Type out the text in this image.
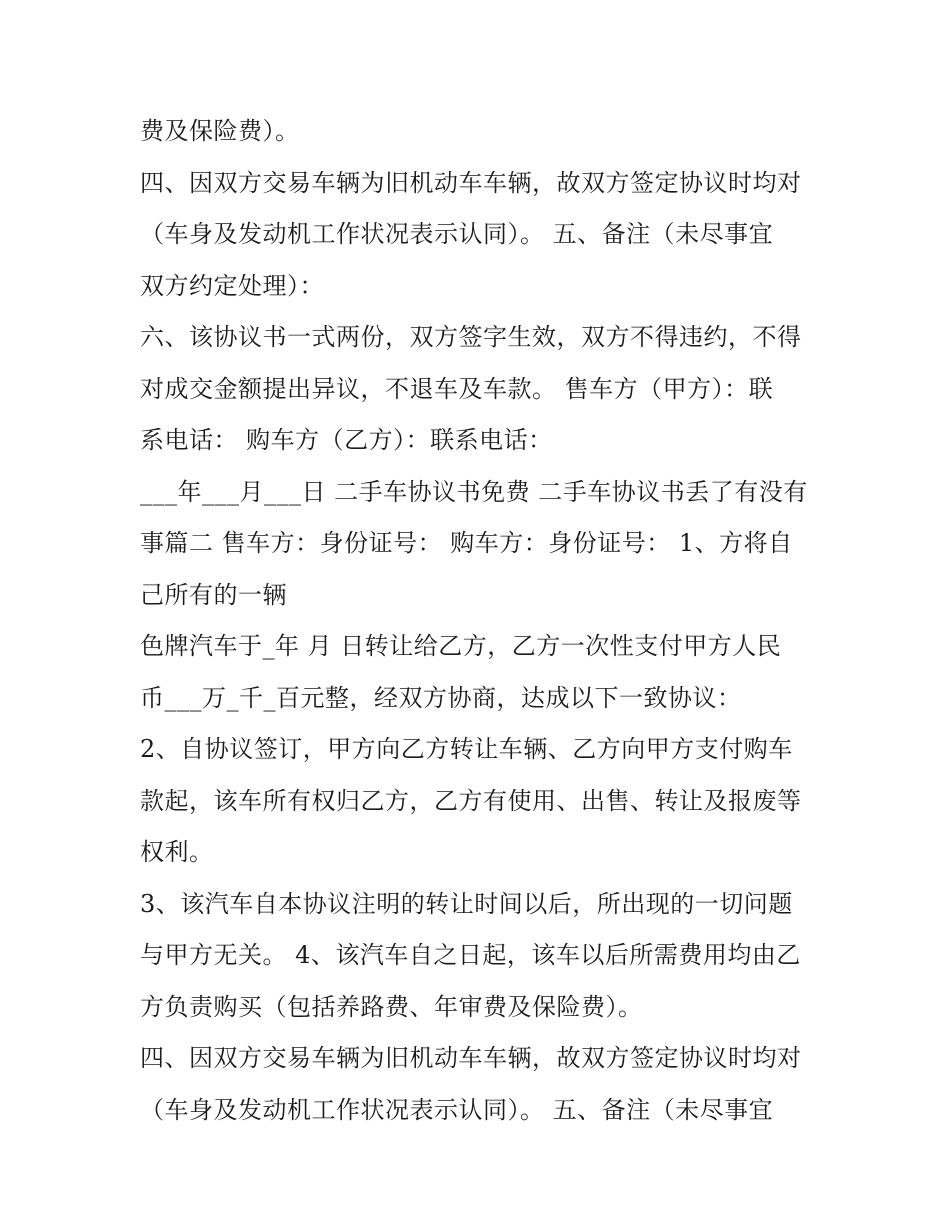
费及保险费）。
四、因双方交易车辆为旧机动车车辆，故双方签定协议时均对
（车身及发动机工作状况表示认同）。 五、备注（未尽事宜
双方约定处理）：
六、该协议书一式两份，双方签字生效，双方不得违约，不得
对成交金额提出异议，不退车及车款。 售车方（甲方）：联
系电话： 购车方（乙方）：联系电话：
___年___月___日 二手车协议书免费 二手车协议书丢了有没有
事篇二 售车方：身份证号： 购车方：身份证号： 1、方将自
己所有的一辆
色牌汽车于_年 月 日转让给乙方，乙方一次性支付甲方人民
币___万_千_百元整，经双方协商，达成以下一致协议：
2、自协议签订，甲方向乙方转让车辆、乙方向甲方支付购车
款起，该车所有权归乙方，乙方有使用、出售、转让及报废等
权利。
3、该汽车自本协议注明的转让时间以后，所出现的一切问题
与甲方无关。 4、该汽车自之日起，该车以后所需费用均由乙
方负责购买（包括养路费、年审费及保险费）。
四、因双方交易车辆为旧机动车车辆，故双方签定协议时均对
（车身及发动机工作状况表示认同）。 五、备注（未尽事宜
